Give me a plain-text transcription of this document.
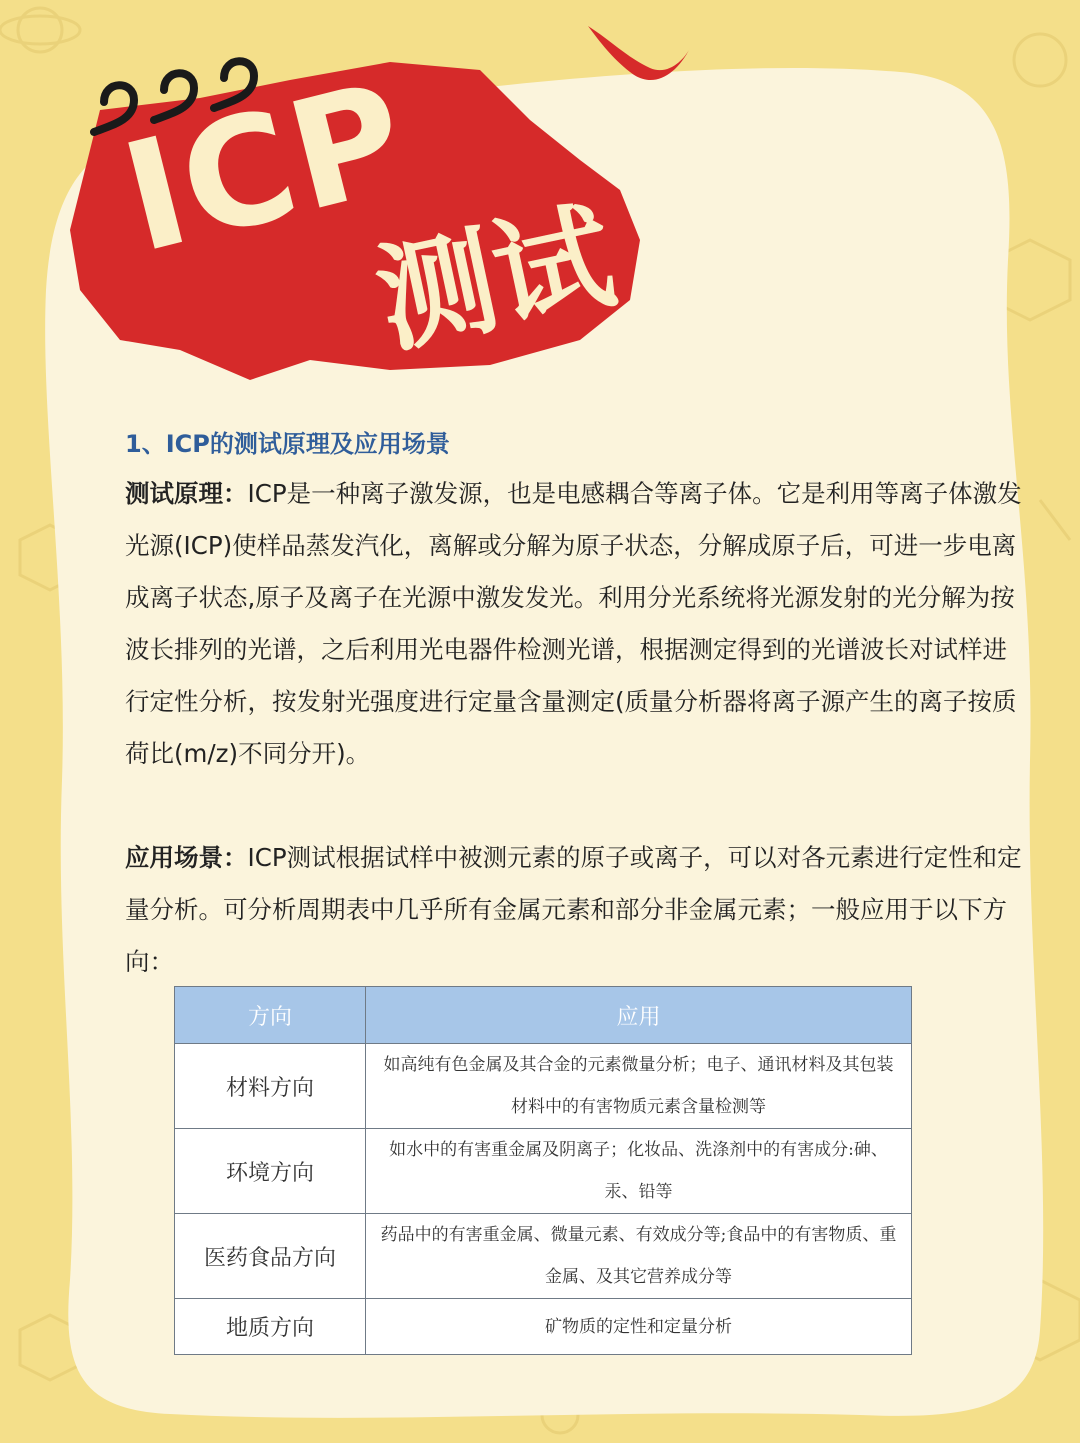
ICP
测试
1、ICP的测试原理及应用场景
测试原理：ICP是一种离子激发源，也是电感耦合等离子体。它是利用等离子体激发光源(ICP)使样品蒸发汽化，离解或分解为原子状态，分解成原子后，可进一步电离成离子状态,原子及离子在光源中激发发光。利用分光系统将光源发射的光分解为按波长排列的光谱，之后利用光电器件检测光谱，根据测定得到的光谱波长对试样进行定性分析，按发射光强度进行定量含量测定(质量分析器将离子源产生的离子按质荷比(m/z)不同分开)。
应用场景：ICP测试根据试样中被测元素的原子或离子，可以对各元素进行定性和定量分析。可分析周期表中几乎所有金属元素和部分非金属元素；一般应用于以下方向：
方向	应用
材料方向	如高纯有色金属及其合金的元素微量分析；电子、通讯材料及其包装材料中的有害物质元素含量检测等
环境方向	如水中的有害重金属及阴离子；化妆品、洗涤剂中的有害成分:砷、汞、铅等
医药食品方向	药品中的有害重金属、微量元素、有效成分等;食品中的有害物质、重金属、及其它营养成分等
地质方向	矿物质的定性和定量分析
